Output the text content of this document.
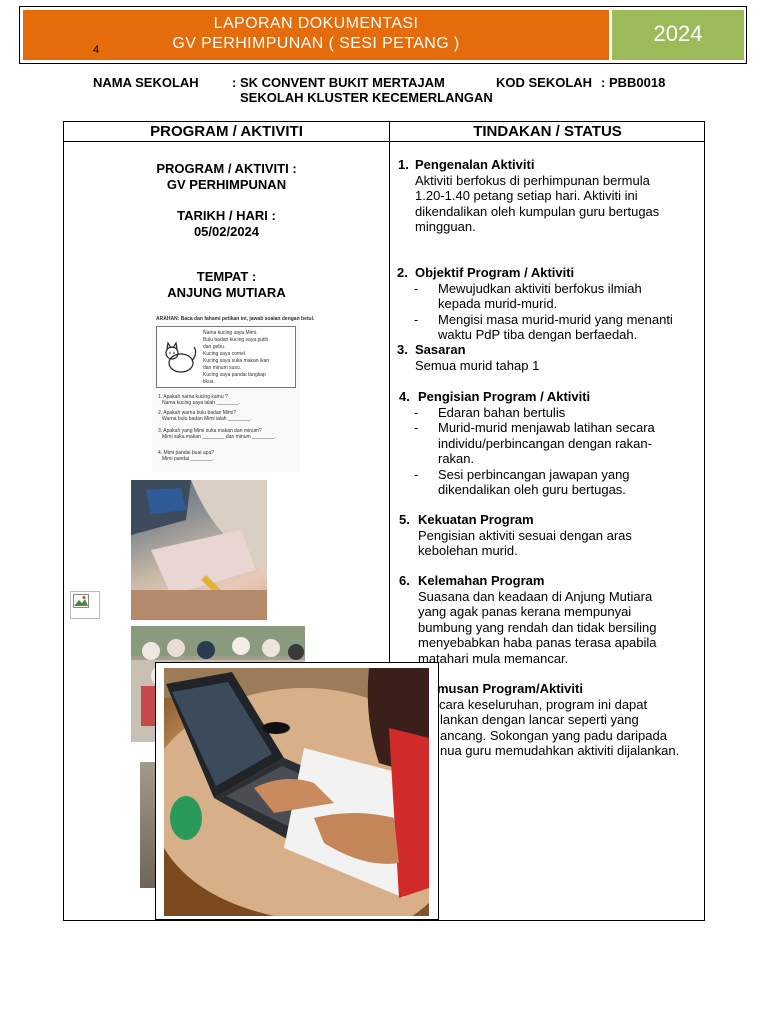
LAPORAN DOKUMENTASI
GV PERHIMPUNAN ( SESI PETANG )
4
2024
NAMA SEKOLAH	: SK CONVENT BUKIT MERTAJAM	KOD SEKOLAH : PBB0018
SEKOLAH KLUSTER KECEMERLANGAN
PROGRAM / AKTIVITI	TINDAKAN / STATUS
PROGRAM / AKTIVITI :
GV PERHIMPUNAN
TARIKH / HARI :
05/02/2024
TEMPAT :
ANJUNG MUTIARA
ARAHAN: Baca dan fahami petikan ini, jawab soalan dengan betul.
Nama kucing saya Mimi.
Bulu badan kucing saya putih
dan gebu.
Kucing saya comel.
Kucing saya suka makan ikan
dan minum susu.
Kucing saya pandai tangkap
tikus.
1. Apakah nama kucing kamu ?
Nama kucing saya ialah ________.
2. Apakah warna bulu badan Mimi?
Warna bulu badan Mimi ialah ________.
3. Apakah yang Mimi suka makan dan minum?
Mimi suka makan ________ dan minum ________.
4. Mimi pandai buat apa?
Mimi pandai ________.
1. Pengenalan Aktiviti
Aktiviti berfokus di perhimpunan bermula
1.20-1.40 petang setiap hari. Aktiviti ini
dikendalikan oleh kumpulan guru bertugas
mingguan.
2. Objektif Program / Aktiviti
- Mewujudkan aktiviti berfokus ilmiah
kepada murid-murid.
- Mengisi masa murid-murid yang menanti
waktu PdP tiba dengan berfaedah.
3. Sasaran
Semua murid tahap 1
4. Pengisian Program / Aktiviti
- Edaran bahan bertulis
- Murid-murid menjawab latihan secara
individu/perbincangan dengan rakan-
rakan.
- Sesi perbincangan jawapan yang
dikendalikan oleh guru bertugas.
5. Kekuatan Program
Pengisian aktiviti sesuai dengan aras
kebolehan murid.
6. Kelemahan Program
Suasana dan keadaan di Anjung Mutiara
yang agak panas kerana mempunyai
bumbung yang rendah dan tidak bersiling
menyebabkan haba panas terasa apabila
matahari mula memancar.
musan Program/Aktiviti
cara keseluruhan, program ini dapat
lankan dengan lancar seperti yang
ancang. Sokongan yang padu daripada
nua guru memudahkan aktiviti dijalankan.
